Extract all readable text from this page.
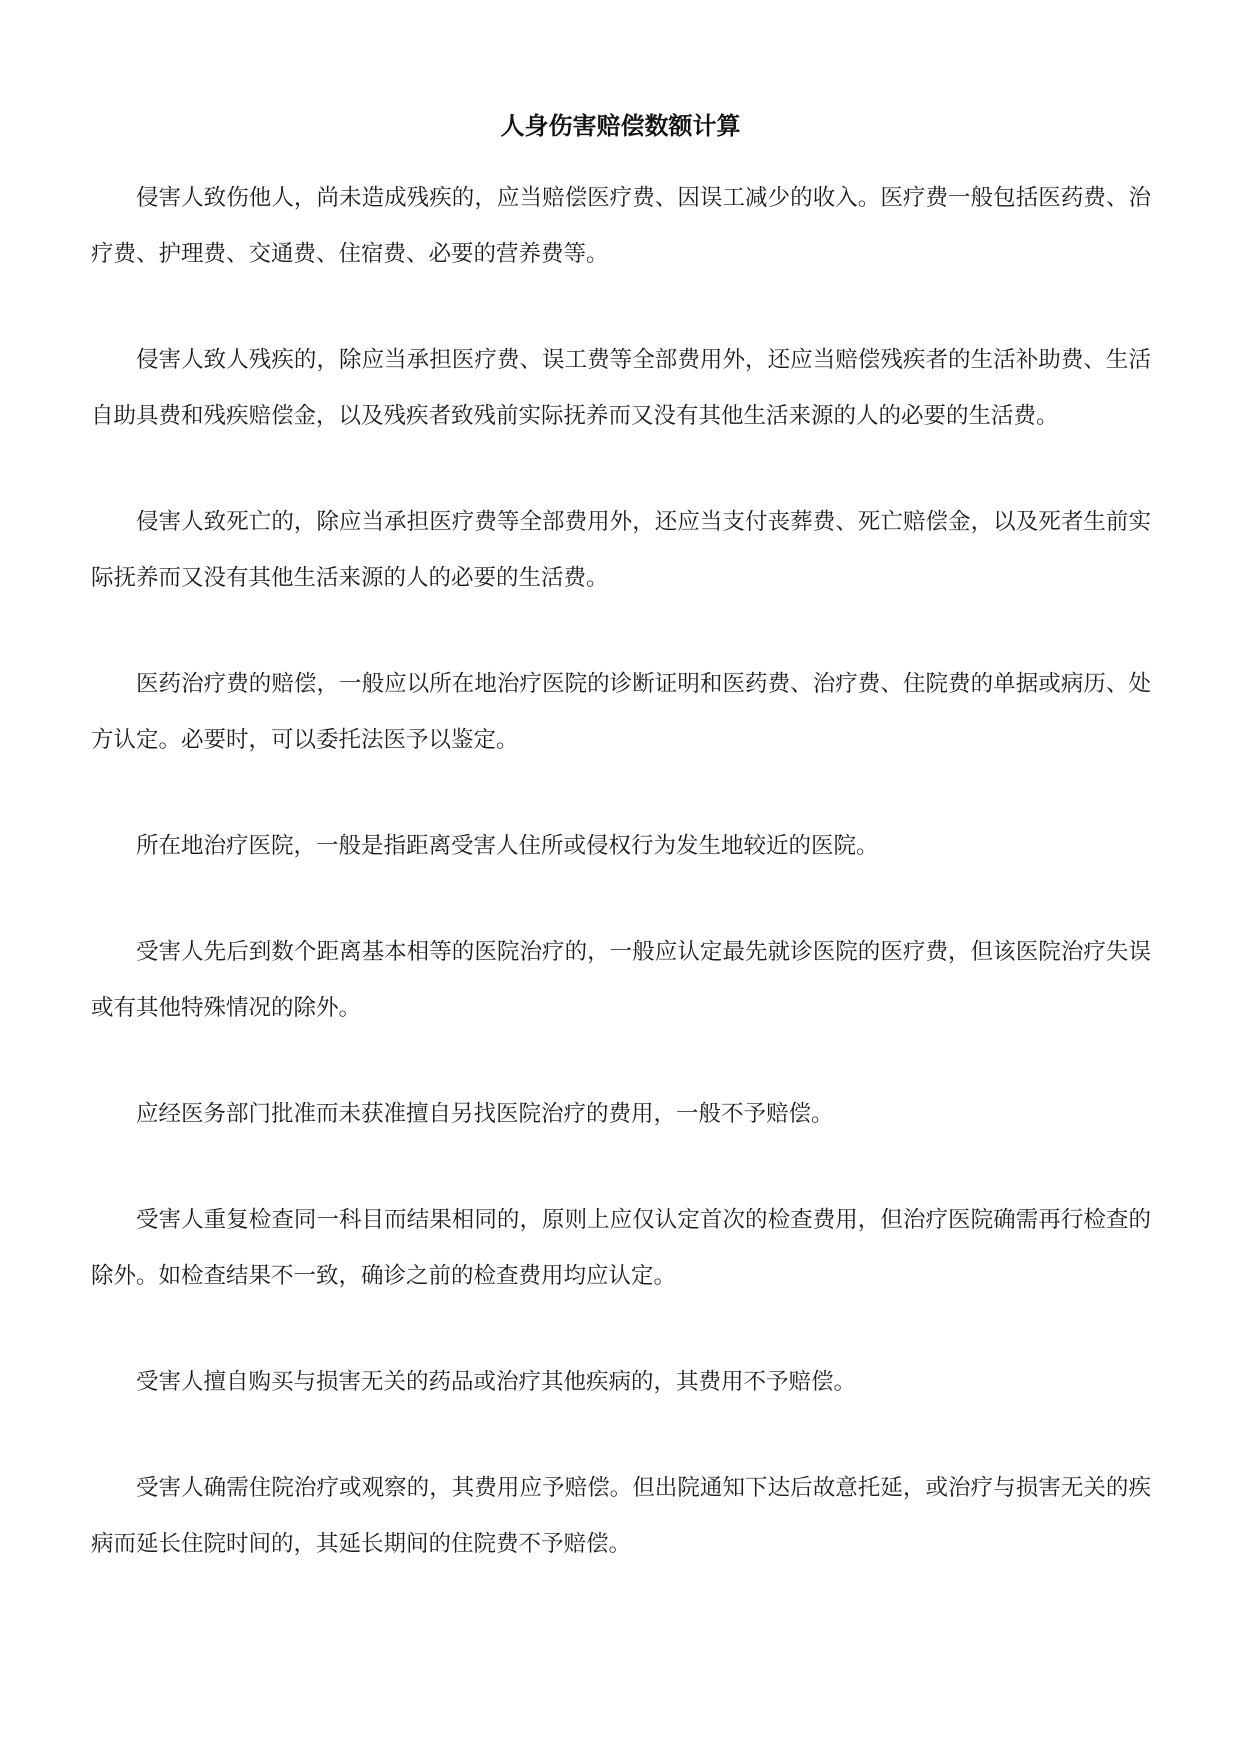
人身伤害赔偿数额计算

侵害人致伤他人，尚未造成残疾的，应当赔偿医疗费、因误工减少的收入。医疗费一般包括医药费、治疗费、护理费、交通费、住宿费、必要的营养费等。

侵害人致人残疾的，除应当承担医疗费、误工费等全部费用外，还应当赔偿残疾者的生活补助费、生活自助具费和残疾赔偿金，以及残疾者致残前实际抚养而又没有其他生活来源的人的必要的生活费。

侵害人致死亡的，除应当承担医疗费等全部费用外，还应当支付丧葬费、死亡赔偿金，以及死者生前实际抚养而又没有其他生活来源的人的必要的生活费。

医药治疗费的赔偿，一般应以所在地治疗医院的诊断证明和医药费、治疗费、住院费的单据或病历、处方认定。必要时，可以委托法医予以鉴定。

所在地治疗医院，一般是指距离受害人住所或侵权行为发生地较近的医院。

受害人先后到数个距离基本相等的医院治疗的，一般应认定最先就诊医院的医疗费，但该医院治疗失误或有其他特殊情况的除外。

应经医务部门批准而未获准擅自另找医院治疗的费用，一般不予赔偿。

受害人重复检查同一科目而结果相同的，原则上应仅认定首次的检查费用，但治疗医院确需再行检查的除外。如检查结果不一致，确诊之前的检查费用均应认定。

受害人擅自购买与损害无关的药品或治疗其他疾病的，其费用不予赔偿。

受害人确需住院治疗或观察的，其费用应予赔偿。但出院通知下达后故意托延，或治疗与损害无关的疾病而延长住院时间的，其延长期间的住院费不予赔偿。
